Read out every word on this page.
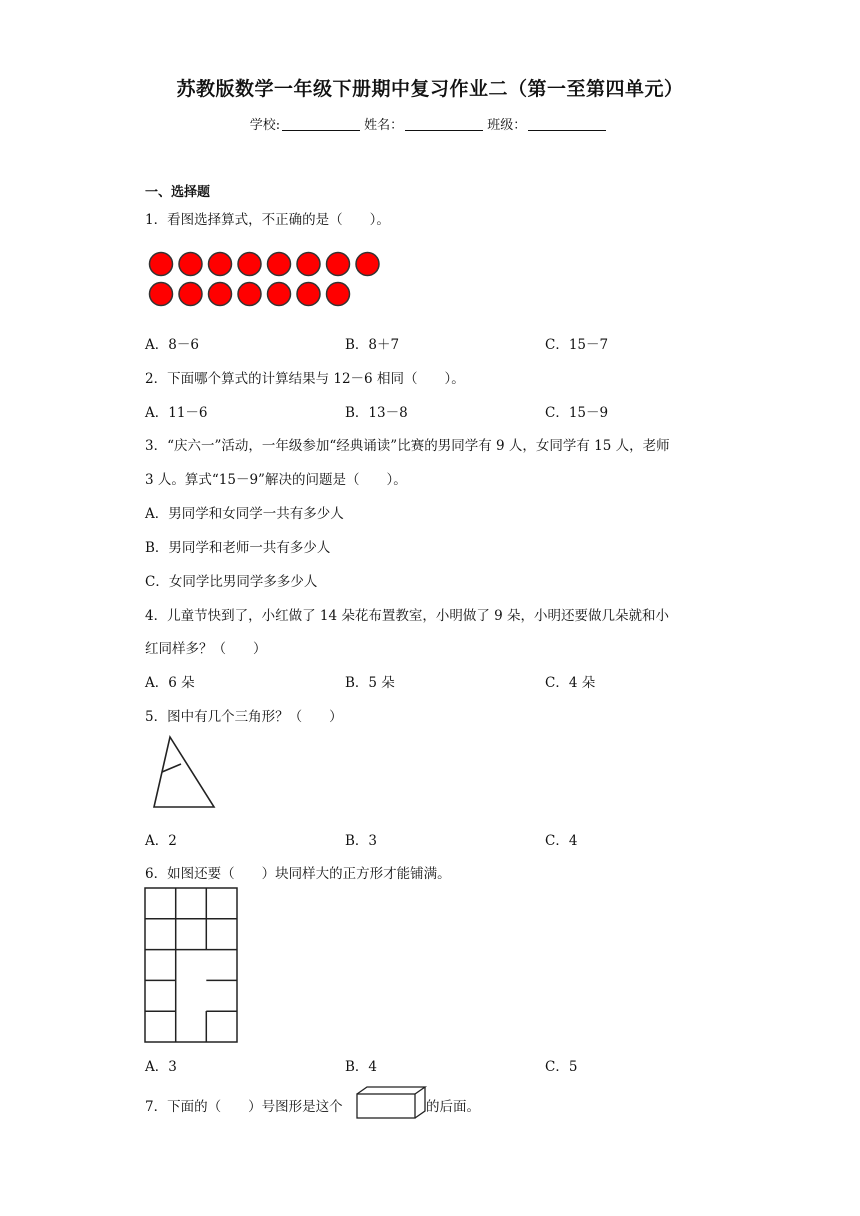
苏教版数学一年级下册期中复习作业二（第一至第四单元）
学校:	姓名：	班级：
一、选择题
1．看图选择算式，不正确的是（　　）。
A．8－6	B．8＋7	C．15－7
2．下面哪个算式的计算结果与 12－6 相同（　　）。
A．11－6	B．13－8	C．15－9
3．“庆六一”活动，一年级参加“经典诵读”比赛的男同学有 9 人，女同学有 15 人，老师
3 人。算式“15－9”解决的问题是（　　）。
A．男同学和女同学一共有多少人
B．男同学和老师一共有多少人
C．女同学比男同学多多少人
4．儿童节快到了，小红做了 14 朵花布置教室，小明做了 9 朵，小明还要做几朵就和小
红同样多？（　　）
A．6 朵	B．5 朵	C．4 朵
5．图中有几个三角形？（　　）
A．2	B．3	C．4
6．如图还要（　　）块同样大的正方形才能铺满。
A．3	B．4	C．5
7．下面的（　　）号图形是这个	的后面。
